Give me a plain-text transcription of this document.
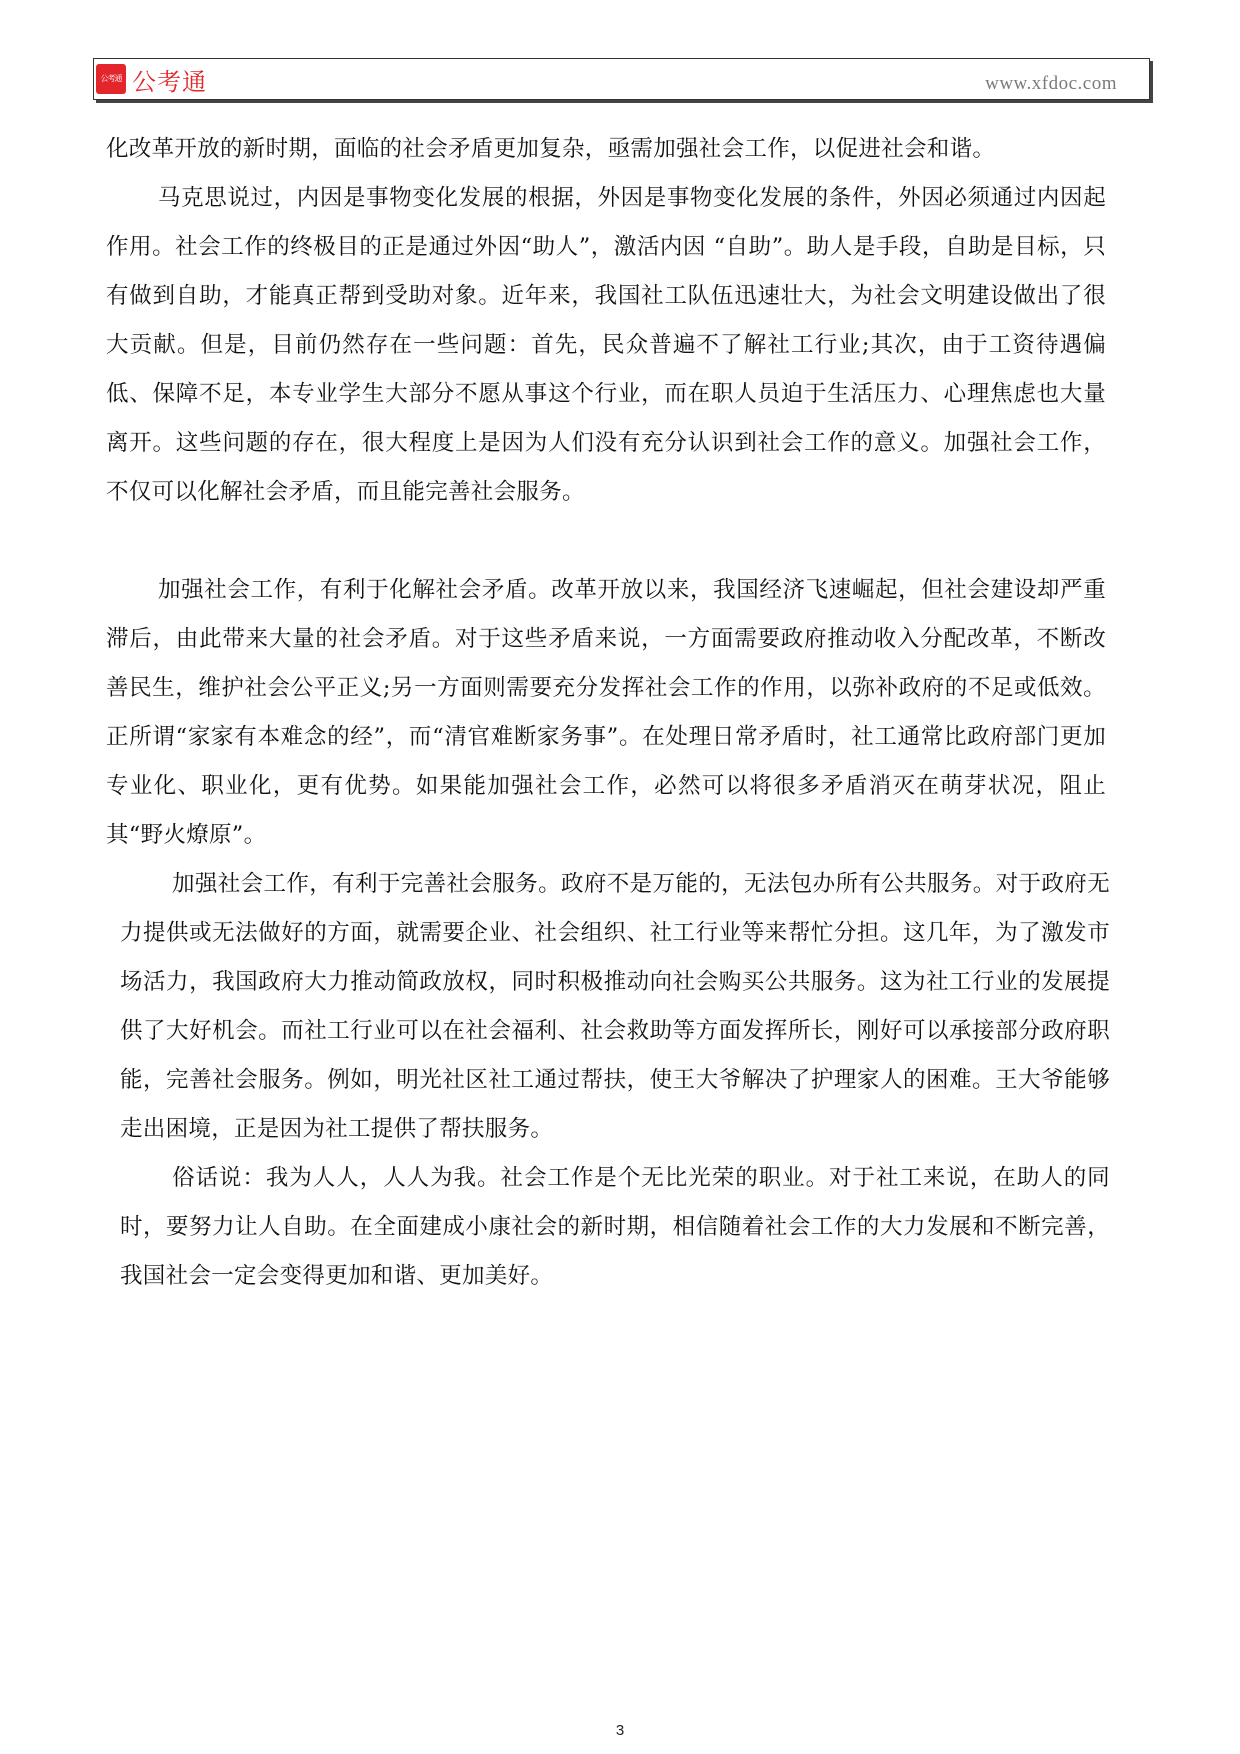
公考通 公考通	www.xfdoc.com

化改革开放的新时期，面临的社会矛盾更加复杂，亟需加强社会工作，以促进社会和谐。

马克思说过，内因是事物变化发展的根据，外因是事物变化发展的条件，外因必须通过内因起作用。社会工作的终极目的正是通过外因“助人”，激活内因 “自助”。助人是手段，自助是目标，只有做到自助，才能真正帮到受助对象。近年来，我国社工队伍迅速壮大，为社会文明建设做出了很大贡献。但是，目前仍然存在一些问题：首先，民众普遍不了解社工行业;其次，由于工资待遇偏低、保障不足，本专业学生大部分不愿从事这个行业，而在职人员迫于生活压力、心理焦虑也大量离开。这些问题的存在，很大程度上是因为人们没有充分认识到社会工作的意义。加强社会工作，不仅可以化解社会矛盾，而且能完善社会服务。

加强社会工作，有利于化解社会矛盾。改革开放以来，我国经济飞速崛起，但社会建设却严重滞后，由此带来大量的社会矛盾。对于这些矛盾来说，一方面需要政府推动收入分配改革，不断改善民生，维护社会公平正义;另一方面则需要充分发挥社会工作的作用，以弥补政府的不足或低效。正所谓“家家有本难念的经”，而“清官难断家务事”。在处理日常矛盾时，社工通常比政府部门更加专业化、职业化，更有优势。如果能加强社会工作，必然可以将很多矛盾消灭在萌芽状况，阻止其“野火燎原”。

加强社会工作，有利于完善社会服务。政府不是万能的，无法包办所有公共服务。对于政府无力提供或无法做好的方面，就需要企业、社会组织、社工行业等来帮忙分担。这几年，为了激发市场活力，我国政府大力推动简政放权，同时积极推动向社会购买公共服务。这为社工行业的发展提供了大好机会。而社工行业可以在社会福利、社会救助等方面发挥所长，刚好可以承接部分政府职能，完善社会服务。例如，明光社区社工通过帮扶，使王大爷解决了护理家人的困难。王大爷能够走出困境，正是因为社工提供了帮扶服务。

俗话说：我为人人，人人为我。社会工作是个无比光荣的职业。对于社工来说，在助人的同时，要努力让人自助。在全面建成小康社会的新时期，相信随着社会工作的大力发展和不断完善，我国社会一定会变得更加和谐、更加美好。

3
